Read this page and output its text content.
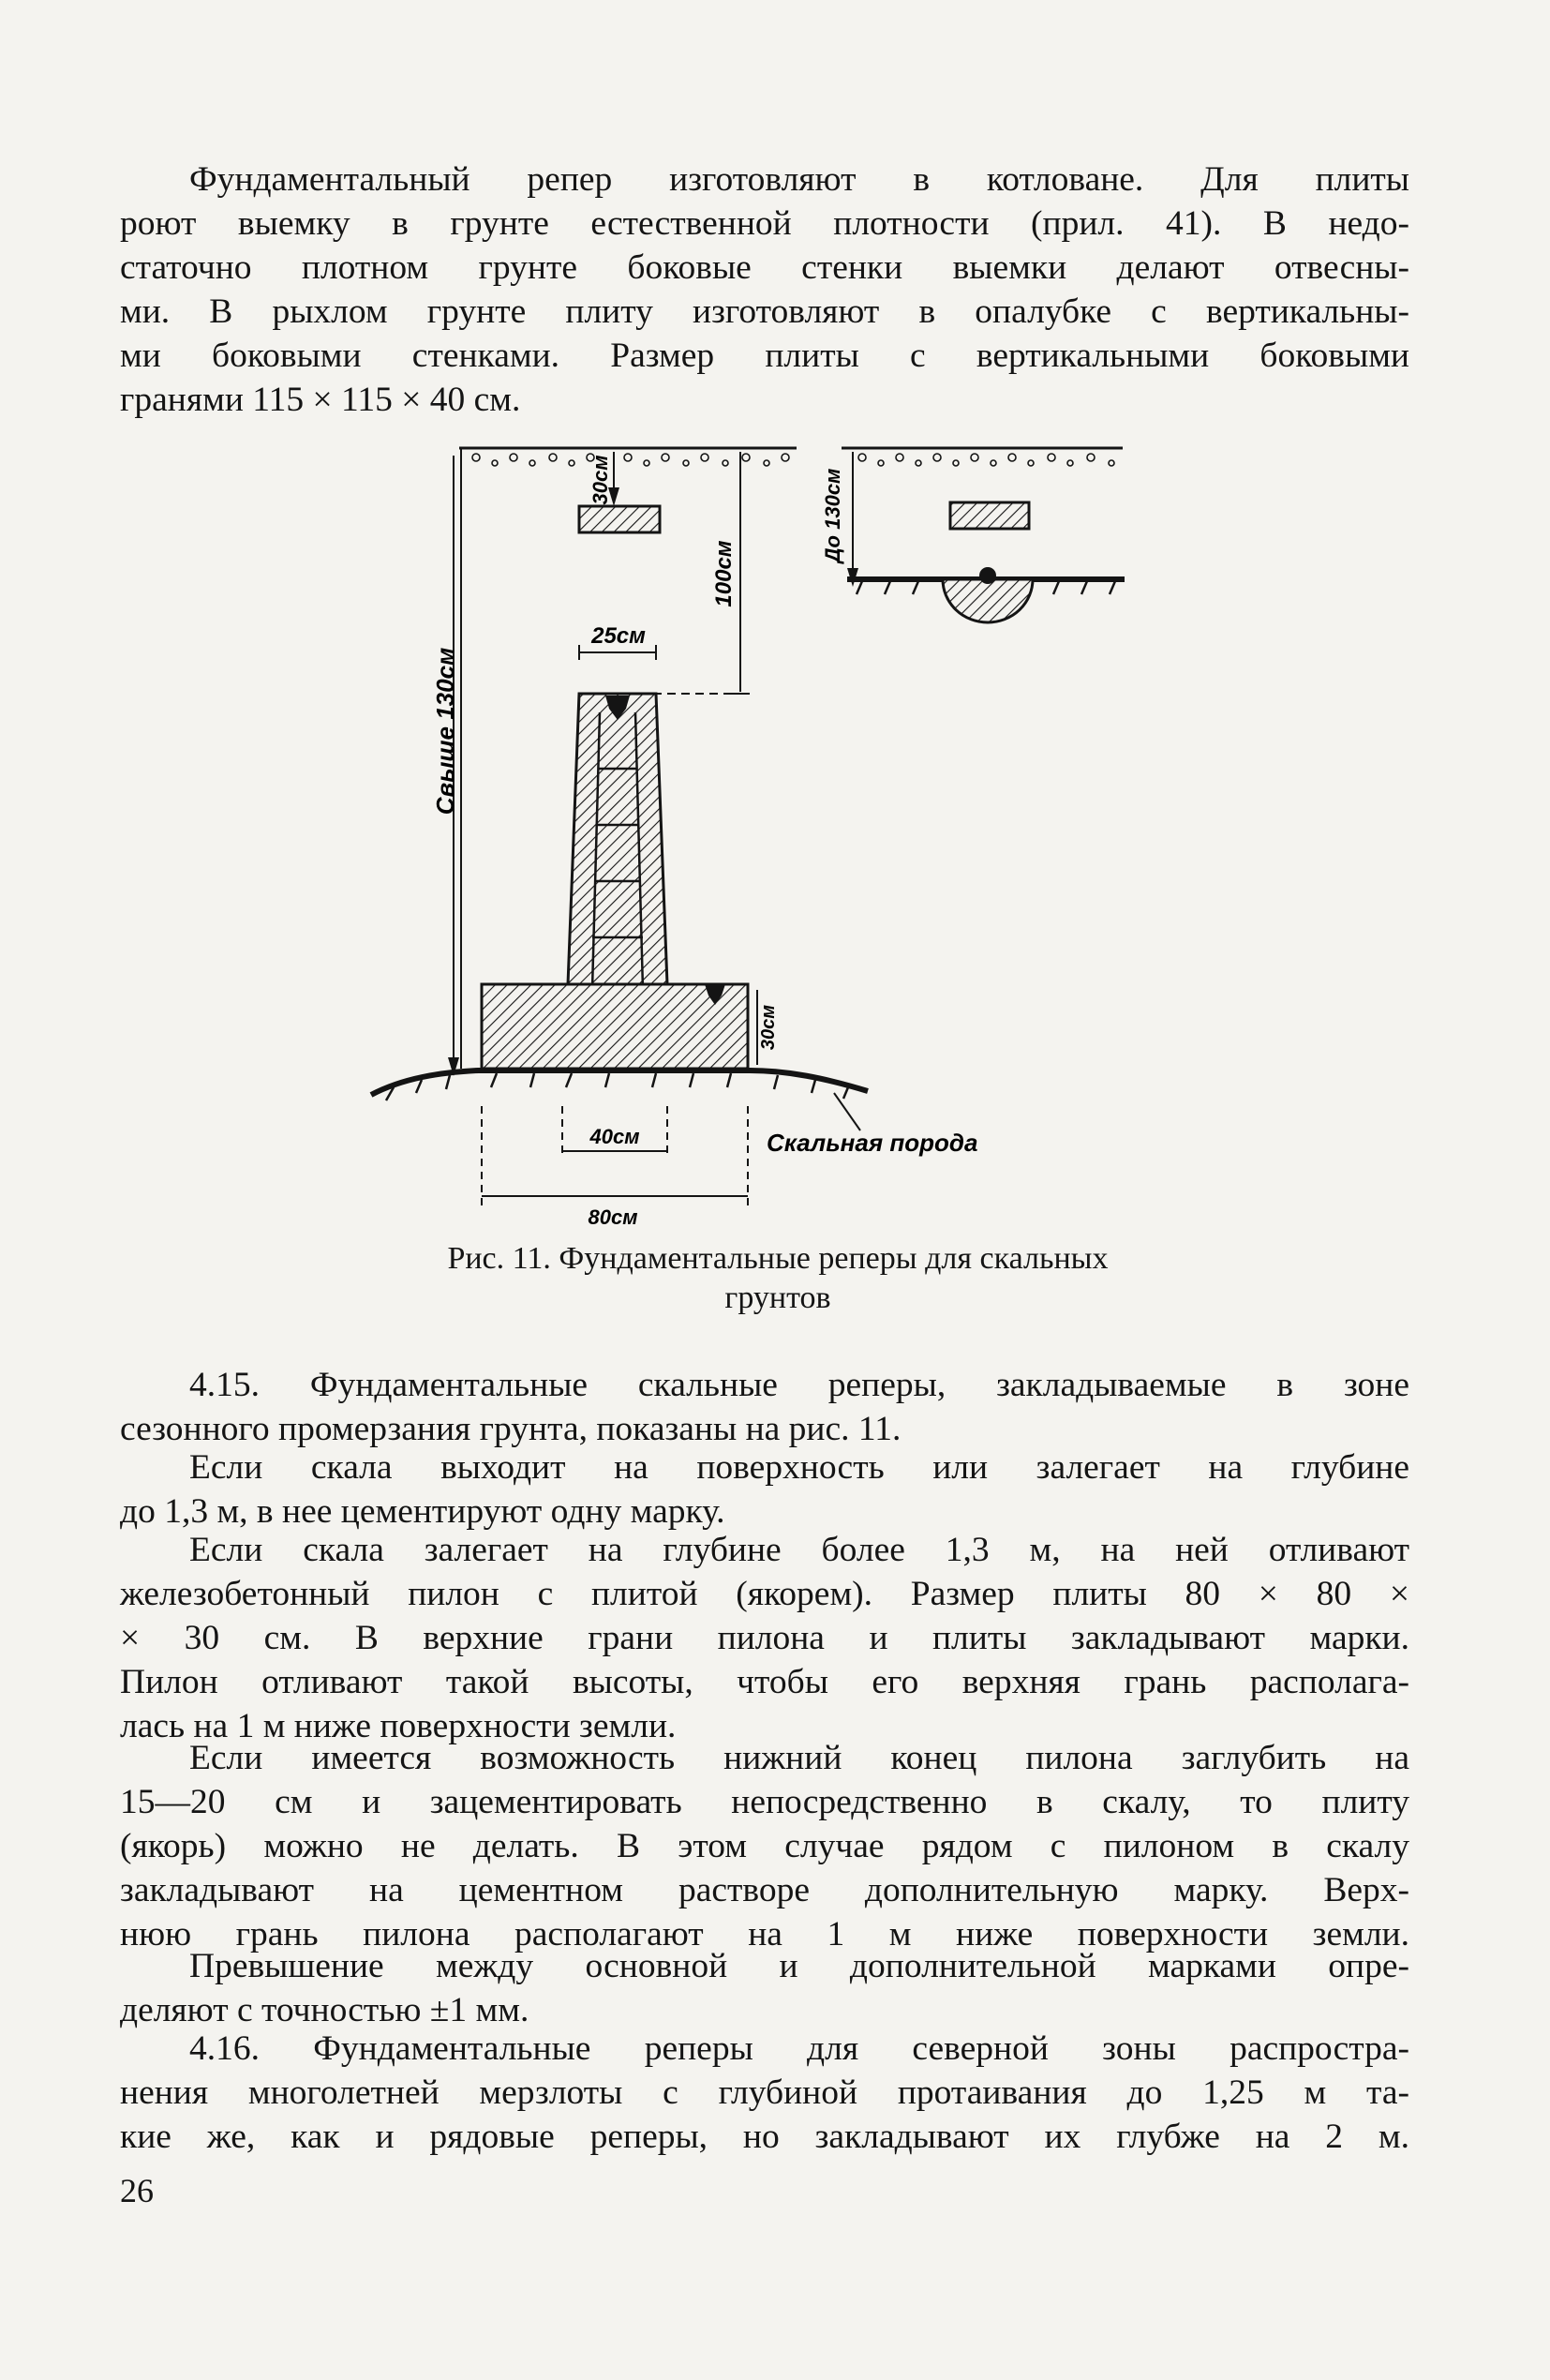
Фундаментальный репер изготовляют в котловане. Для плиты
роют выемку в грунте естественной плотности (прил. 41). В недо-
статочно плотном грунте боковые стенки выемки делают отвесны-
ми. В рыхлом грунте плиту изготовляют в опалубке с вертикальны-
ми боковыми стенками. Размер плиты с вертикальными боковыми
гранями 115 × 115 × 40 см.
30см
100см
25см
30см
Свыше 130см
40см
80см
Скальная порода
До 130см
Рис. 11. Фундаментальные реперы для скальных
грунтов
4.15. Фундаментальные скальные реперы, закладываемые в зоне
сезонного промерзания грунта, показаны на рис. 11.
Если скала выходит на поверхность или залегает на глубине
до 1,3 м, в нее цементируют одну марку.
Если скала залегает на глубине более 1,3 м, на ней отливают
железобетонный пилон с плитой (якорем). Размер плиты 80 × 80 ×
× 30 см. В верхние грани пилона и плиты закладывают марки.
Пилон отливают такой высоты, чтобы его верхняя грань располага-
лась на 1 м ниже поверхности земли.
Если имеется возможность нижний конец пилона заглубить на
15—20 см и зацементировать непосредственно в скалу, то плиту
(якорь) можно не делать. В этом случае рядом с пилоном в скалу
закладывают на цементном растворе дополнительную марку. Верх-
нюю грань пилона располагают на 1 м ниже поверхности земли.
Превышение между основной и дополнительной марками опре-
деляют с точностью ±1 мм.
4.16. Фундаментальные реперы для северной зоны распростра-
нения многолетней мерзлоты с глубиной протаивания до 1,25 м та-
кие же, как и рядовые реперы, но закладывают их глубже на 2 м.
26
